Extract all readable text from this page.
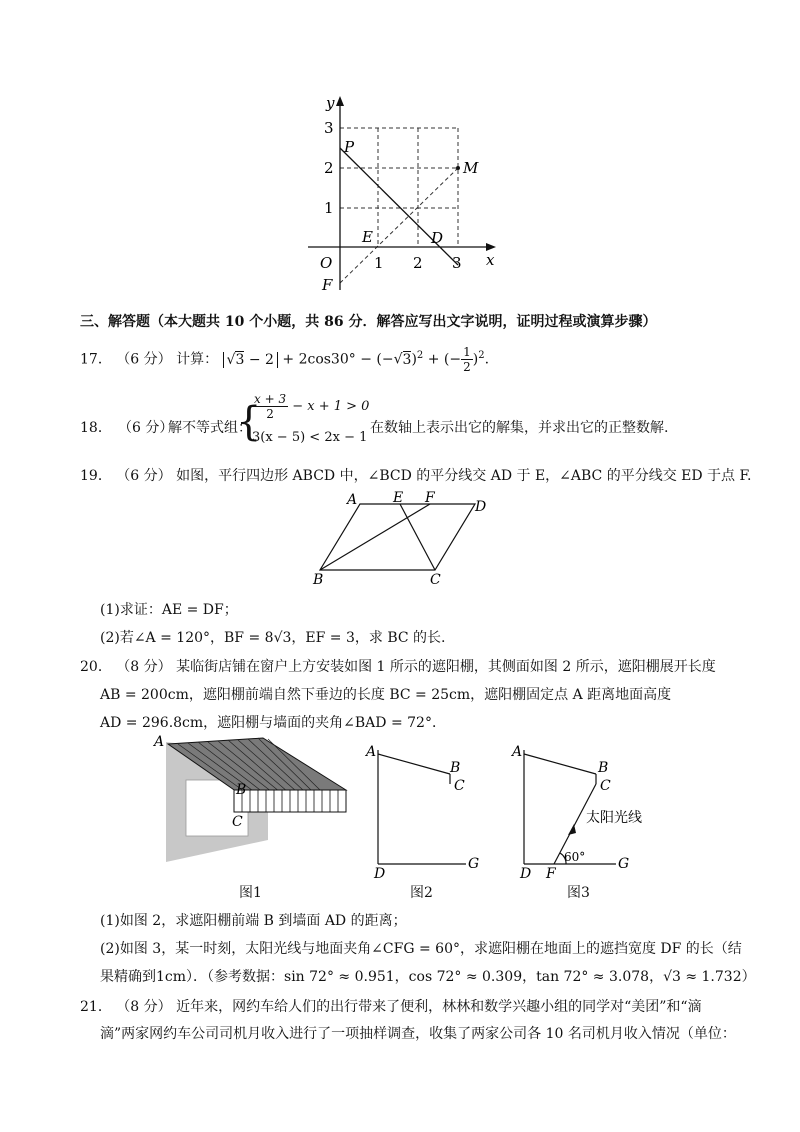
y
x
O
3
2
1
1 2 3
P
M
E	D
F
三、解答题（本大题共 10 个小题，共 86 分．解答应写出文字说明，证明过程或演算步骤）
17． （6 分） 计算： $√3 - 2 + 2\cos 30^\circ - (-√3)^2$ + (− $\frac{1}{2} )^2$.
18． （6 分）
解不等式组：
{
$\frac{x + 3}{2} - x + 1 > 0$
3(x − 5) < 2x − 1
在数轴上表示出它的解集，并求出它的正整数解.
19． （6 分） 如图，平行四边形 ABCD 中，∠BCD 的平分线交 AD 于 E，∠ABC 的平分线交 ED 于点 F.
A	E F
D
B	C
(1)求证：AE = DF；
(2)若∠A = 120°，BF = 8√3，EF = 3，求 BC 的长.
20． （8 分） 某临街店铺在窗户上方安装如图 1 所示的遮阳棚，其侧面如图 2 所示，遮阳棚展开长度
AB = 200cm，遮阳棚前端自然下垂边的长度 BC = 25cm，遮阳棚固定点 A 距离地面高度
AD = 296.8cm，遮阳棚与墙面的夹角∠BAD = 72°．
A
B
C
图1
A
B
C
D
G
图2
A
B
C
太阳光线
60°
D F
G
图3
(1)如图 2，求遮阳棚前端 B 到墙面 AD 的距离；
(2)如图 3，某一时刻，太阳光线与地面夹角∠CFG = 60°，求遮阳棚在地面上的遮挡宽度 DF 的长（结
果精确到1cm）．（参考数据：sin 72° ≈ 0.951，cos 72° ≈ 0.309，tan 72° ≈ 3.078，√3 ≈ 1.732）
21． （8 分） 近年来，网约车给人们的出行带来了便利，林林和数学兴趣小组的同学对“美团”和“滴
滴”两家网约车公司司机月收入进行了一项抽样调查，收集了两家公司各 10 名司机月收入情况（单位：
